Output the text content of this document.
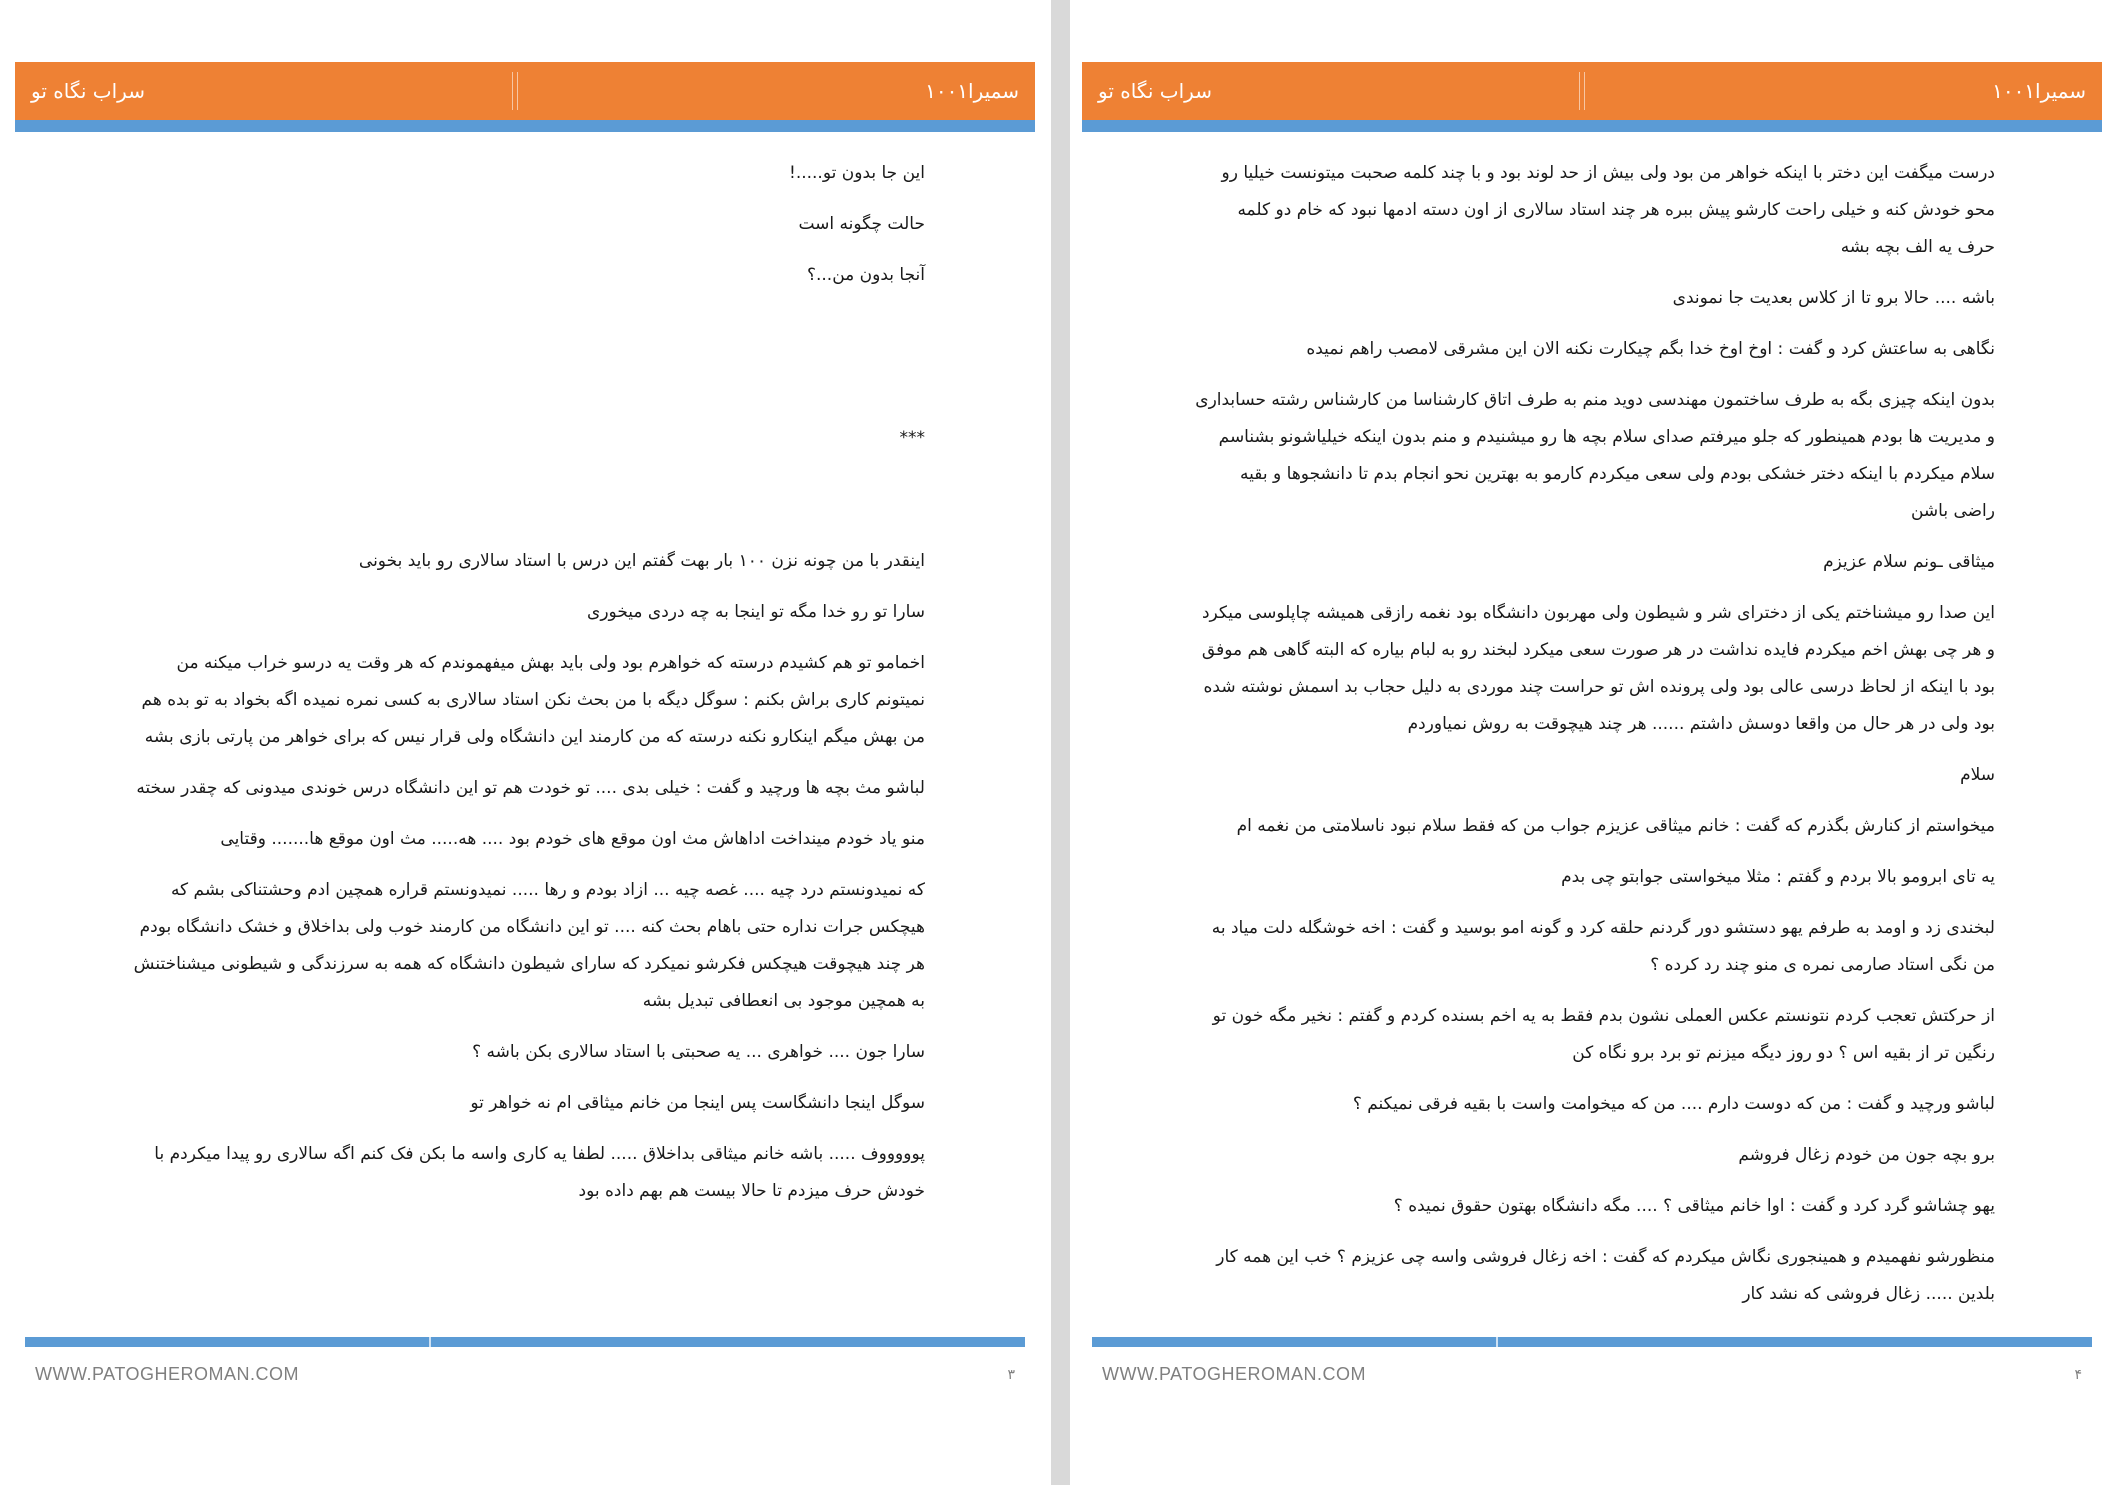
سراب نگاه تو	سمیرا۱۰۰۱

این جا بدون تو.....!

حالت چگونه است

آنجا بدون من...؟

***

اینقدر با من چونه نزن ۱۰۰ بار بهت گفتم این درس با استاد سالاری رو باید بخونی

سارا تو رو خدا مگه تو اینجا به چه دردی میخوری

اخمامو تو هم کشیدم درسته که خواهرم بود ولی باید بهش میفهموندم که هر وقت یه درسو خراب میکنه من نمیتونم کاری براش بکنم : سوگل دیگه با من بحث نکن استاد سالاری به کسی نمره نمیده اگه بخواد به تو بده هم من بهش میگم اینکارو نکنه درسته که من کارمند این دانشگاه ولی قرار نیس که برای خواهر من پارتی بازی بشه

لباشو مث بچه ها ورچید و گفت : خیلی بدی .... تو خودت هم تو این دانشگاه درس خوندی میدونی که چقدر سخته

منو یاد خودم مینداخت اداهاش مث اون موقع های خودم بود .... هه..... مث اون موقع ها....... وقتایی

که نمیدونستم درد چیه .... غصه چیه ... ازاد بودم و رها ..... نمیدونستم قراره همچین ادم وحشتناکی بشم که هیچکس جرات نداره حتی باهام بحث کنه .... تو این دانشگاه من کارمند خوب ولی بداخلاق و خشک دانشگاه بودم هر چند هیچوقت هیچکس فکرشو نمیکرد که سارای شیطون دانشگاه که همه به سرزندگی و شیطونی میشناختنش به همچین موجود بی انعطافی تبدیل بشه

سارا جون .... خواهری ... یه صحبتی با استاد سالاری بکن باشه ؟

سوگل اینجا دانشگاست پس اینجا من خانم میثاقی ام نه خواهر تو

پوووووف ..... باشه خانم میثاقی بداخلاق ..... لطفا یه کاری واسه ما بکن فک کنم اگه سالاری رو پیدا میکردم با خودش حرف میزدم تا حالا بیست هم بهم داده بود

WWW.PATOGHEROMAN.COM	۳
سراب نگاه تو	سمیرا۱۰۰۱

درست میگفت این دختر با اینکه خواهر من بود ولی بیش از حد لوند بود و با چند کلمه صحبت میتونست خیلیا رو محو خودش کنه و خیلی راحت کارشو پیش ببره هر چند استاد سالاری از اون دسته ادمها نبود که خام دو کلمه حرف یه الف بچه بشه

باشه .... حالا برو تا از کلاس بعدیت جا نموندی

نگاهی به ساعتش کرد و گفت : اوخ اوخ خدا بگم چیکارت نکنه الان این مشرقی لامصب راهم نمیده

بدون اینکه چیزی بگه به طرف ساختمون مهندسی دوید منم به طرف اتاق کارشناسا من کارشناس رشته حسابداری و مدیریت ها بودم همینطور که جلو میرفتم صدای سلام بچه ها رو میشنیدم و منم بدون اینکه خیلیاشونو بشناسم سلام میکردم با اینکه دختر خشکی بودم ولی سعی میکردم کارمو به بهترین نحو انجام بدم تا دانشجوها و بقیه راضی باشن

میثاقی ـونم سلام عزیزم

این صدا رو میشناختم یکی از دخترای شر و شیطون ولی مهربون دانشگاه بود نغمه رازقی همیشه چاپلوسی میکرد و هر چی بهش اخم میکردم فایده نداشت در هر صورت سعی میکرد لبخند رو به لبام بیاره که البته گاهی هم موفق بود با اینکه از لحاظ درسی عالی بود ولی پرونده اش تو حراست چند موردی به دلیل حجاب بد اسمش نوشته شده بود ولی در هر حال من واقعا دوسش داشتم ...... هر چند هیچوقت به روش نمیاوردم

سلام

میخواستم از کنارش بگذرم که گفت : خانم میثاقی عزیزم جواب من که فقط سلام نبود ناسلامتی من نغمه ام

یه تای ابرومو بالا بردم و گفتم : مثلا میخواستی جوابتو چی بدم

لبخندی زد و اومد به طرفم یهو دستشو دور گردنم حلقه کرد و گونه امو بوسید و گفت : اخه خوشگله دلت میاد به من نگی استاد صارمی نمره ی منو چند رد کرده ؟

از حرکتش تعجب کردم نتونستم عکس العملی نشون بدم فقط به یه اخم بسنده کردم و گفتم : نخیر مگه خون تو رنگین تر از بقیه اس ؟ دو روز دیگه میزنم تو برد برو نگاه کن

لباشو ورچید و گفت : من که دوست دارم .... من که میخوامت واست با بقیه فرقی نمیکنم ؟

برو بچه جون من خودم زغال فروشم

یهو چشاشو گرد کرد و گفت : اوا خانم میثاقی ؟ .... مگه دانشگاه بهتون حقوق نمیده ؟

منظورشو نفهمیدم و همینجوری نگاش میکردم که گفت : اخه زغال فروشی واسه چی عزیزم ؟ خب این همه کار بلدین ..... زغال فروشی که نشد کار

WWW.PATOGHEROMAN.COM	۴
